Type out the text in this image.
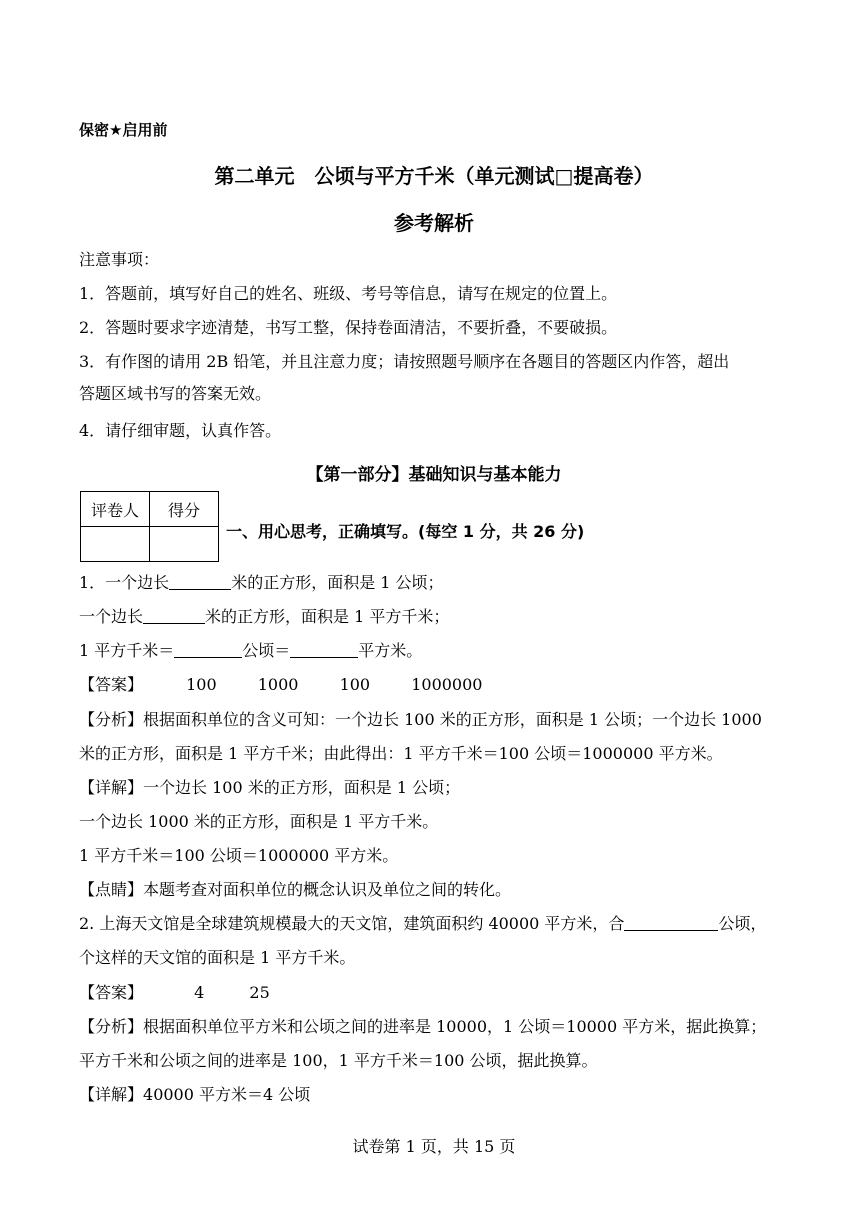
保密★启用前
第二单元　公顷与平方千米（单元测试□提高卷）
参考解析
注意事项：
1．答题前，填写好自己的姓名、班级、考号等信息，请写在规定的位置上。
2．答题时要求字迹清楚，书写工整，保持卷面清洁，不要折叠，不要破损。
3．有作图的请用 2B 铅笔，并且注意力度；请按照题号顺序在各题目的答题区内作答，超出
答题区域书写的答案无效。
4．请仔细审题，认真作答。
【第一部分】基础知识与基本能力
评卷人	得分

一、用心思考，正确填写。(每空 1 分，共 26 分)
1．一个边长	米的正方形，面积是 1 公顷；
一个边长	米的正方形，面积是 1 平方千米；
1 平方千米＝	公顷＝	平方米。
【答案】	100	1000	100	1000000
【分析】根据面积单位的含义可知：一个边长 100 米的正方形，面积是 1 公顷；一个边长 1000
米的正方形，面积是 1 平方千米；由此得出：1 平方千米＝100 公顷＝1000000 平方米。
【详解】一个边长 100 米的正方形，面积是 1 公顷；
一个边长 1000 米的正方形，面积是 1 平方千米。
1 平方千米＝100 公顷＝1000000 平方米。
【点睛】本题考查对面积单位的概念认识及单位之间的转化。
2. 上海天文馆是全球建筑规模最大的天文馆，建筑面积约 40000 平方米，合	公顷，
个这样的天文馆的面积是 1 平方千米。
【答案】	4	25
【分析】根据面积单位平方米和公顷之间的进率是 10000，1 公顷＝10000 平方米，据此换算；
平方千米和公顷之间的进率是 100，1 平方千米＝100 公顷，据此换算。
【详解】40000 平方米＝4 公顷
试卷第 1 页，共 15 页
